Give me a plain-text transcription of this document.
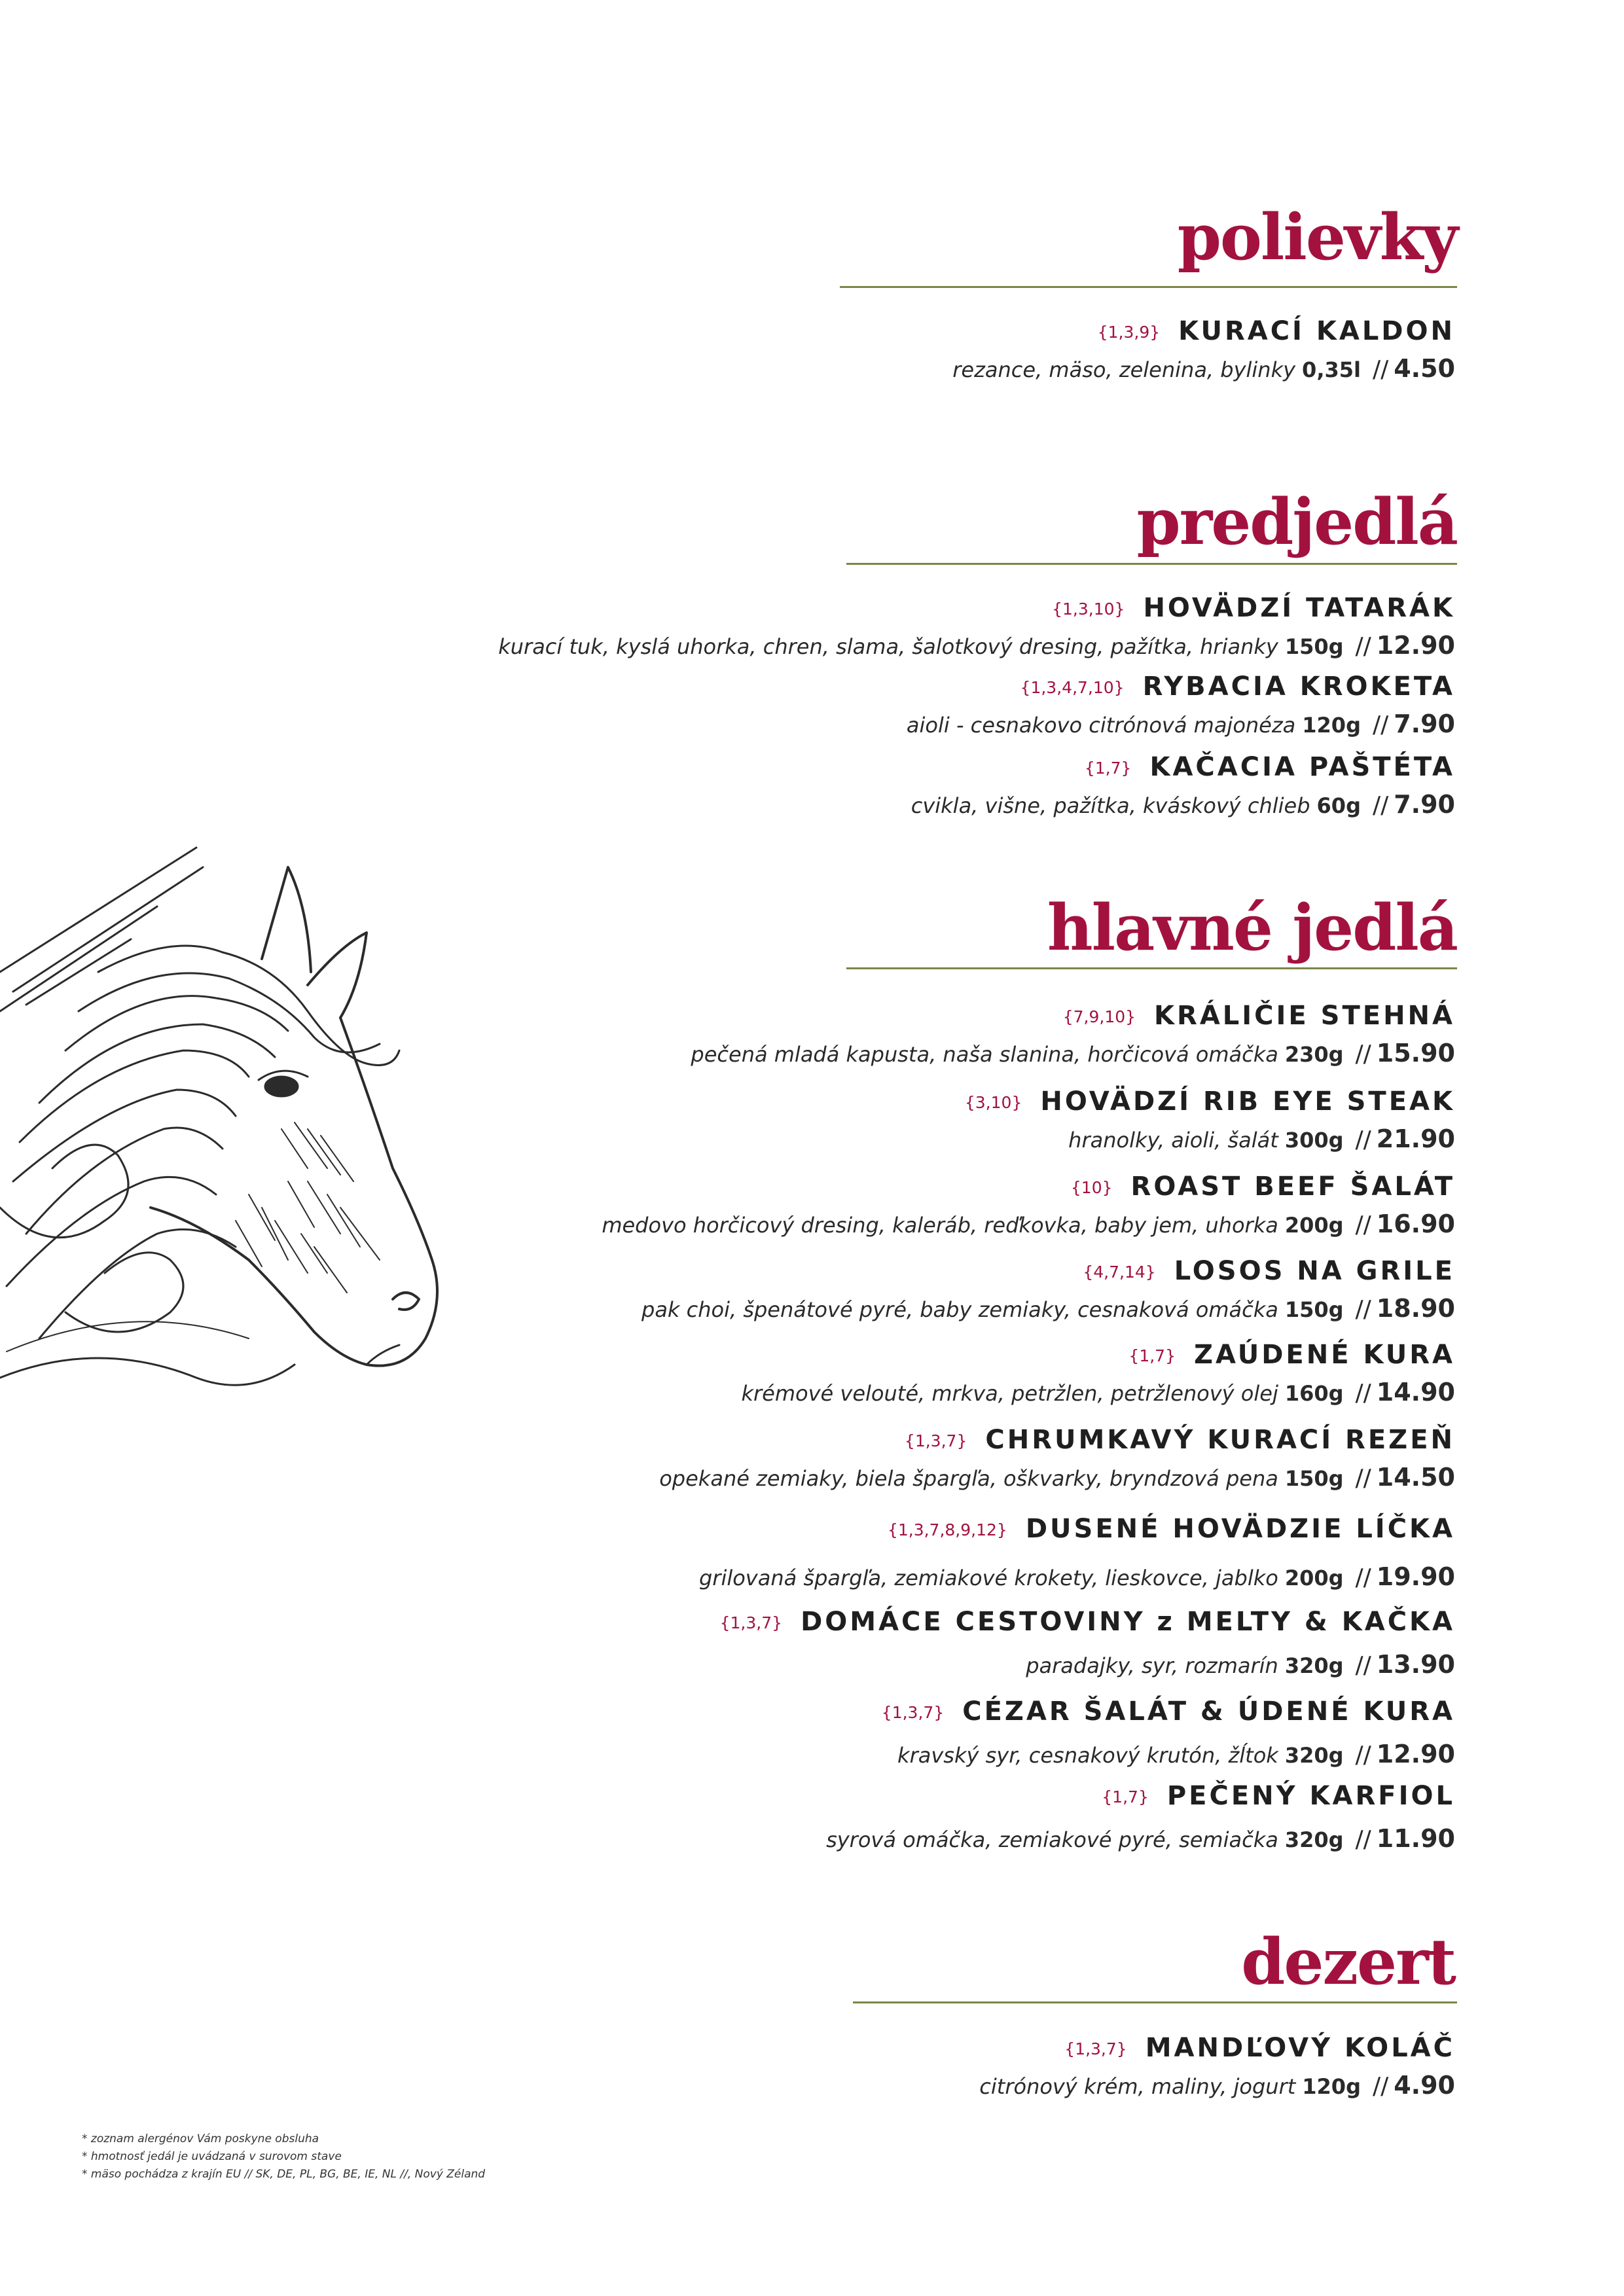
polievky
{1,3,9} KURACÍ KALDON
rezance, mäso, zelenina, bylinky 0,35l // 4.50
predjedlá
{1,3,10} HOVÄDZÍ TATARÁK
kurací tuk, kyslá uhorka, chren, slama, šalotkový dresing, pažítka, hrianky 150g // 12.90
{1,3,4,7,10} RYBACIA KROKETA
aioli - cesnakovo citrónová majonéza 120g // 7.90
{1,7} KAČACIA PAŠTÉTA
cvikla, višne, pažítka, kváskový chlieb 60g // 7.90
hlavné jedlá
{7,9,10} KRÁLIČIE STEHNÁ
pečená mladá kapusta, naša slanina, horčicová omáčka 230g // 15.90
{3,10} HOVÄDZÍ RIB EYE STEAK
hranolky, aioli, šalát 300g // 21.90
{10} ROAST BEEF ŠALÁT
medovo horčicový dresing, kaleráb, reďkovka, baby jem, uhorka 200g // 16.90
{4,7,14} LOSOS NA GRILE
pak choi, špenátové pyré, baby zemiaky, cesnaková omáčka 150g // 18.90
{1,7} ZAÚDENÉ KURA
krémové velouté, mrkva, petržlen, petržlenový olej 160g // 14.90
{1,3,7} CHRUMKAVÝ KURACÍ REZEŇ
opekané zemiaky, biela špargľa, oškvarky, bryndzová pena 150g // 14.50
{1,3,7,8,9,12} DUSENÉ HOVÄDZIE LÍČKA
grilovaná špargľa, zemiakové krokety, lieskovce, jablko 200g // 19.90
{1,3,7} DOMÁCE CESTOVINY z MELTY & KAČKA
paradajky, syr, rozmarín 320g // 13.90
{1,3,7} CÉZAR ŠALÁT & ÚDENÉ KURA
kravský syr, cesnakový krutón, žĺtok 320g // 12.90
{1,7} PEČENÝ KARFIOL
syrová omáčka, zemiakové pyré, semiačka 320g // 11.90
dezert
{1,3,7} MANDĽOVÝ KOLÁČ
citrónový krém, maliny, jogurt 120g // 4.90
* zoznam alergénov Vám poskyne obsluha
* hmotnosť jedál je uvádzaná v surovom stave
* mäso pochádza z krajín EU // SK, DE, PL, BG, BE, IE, NL //, Nový Zéland
